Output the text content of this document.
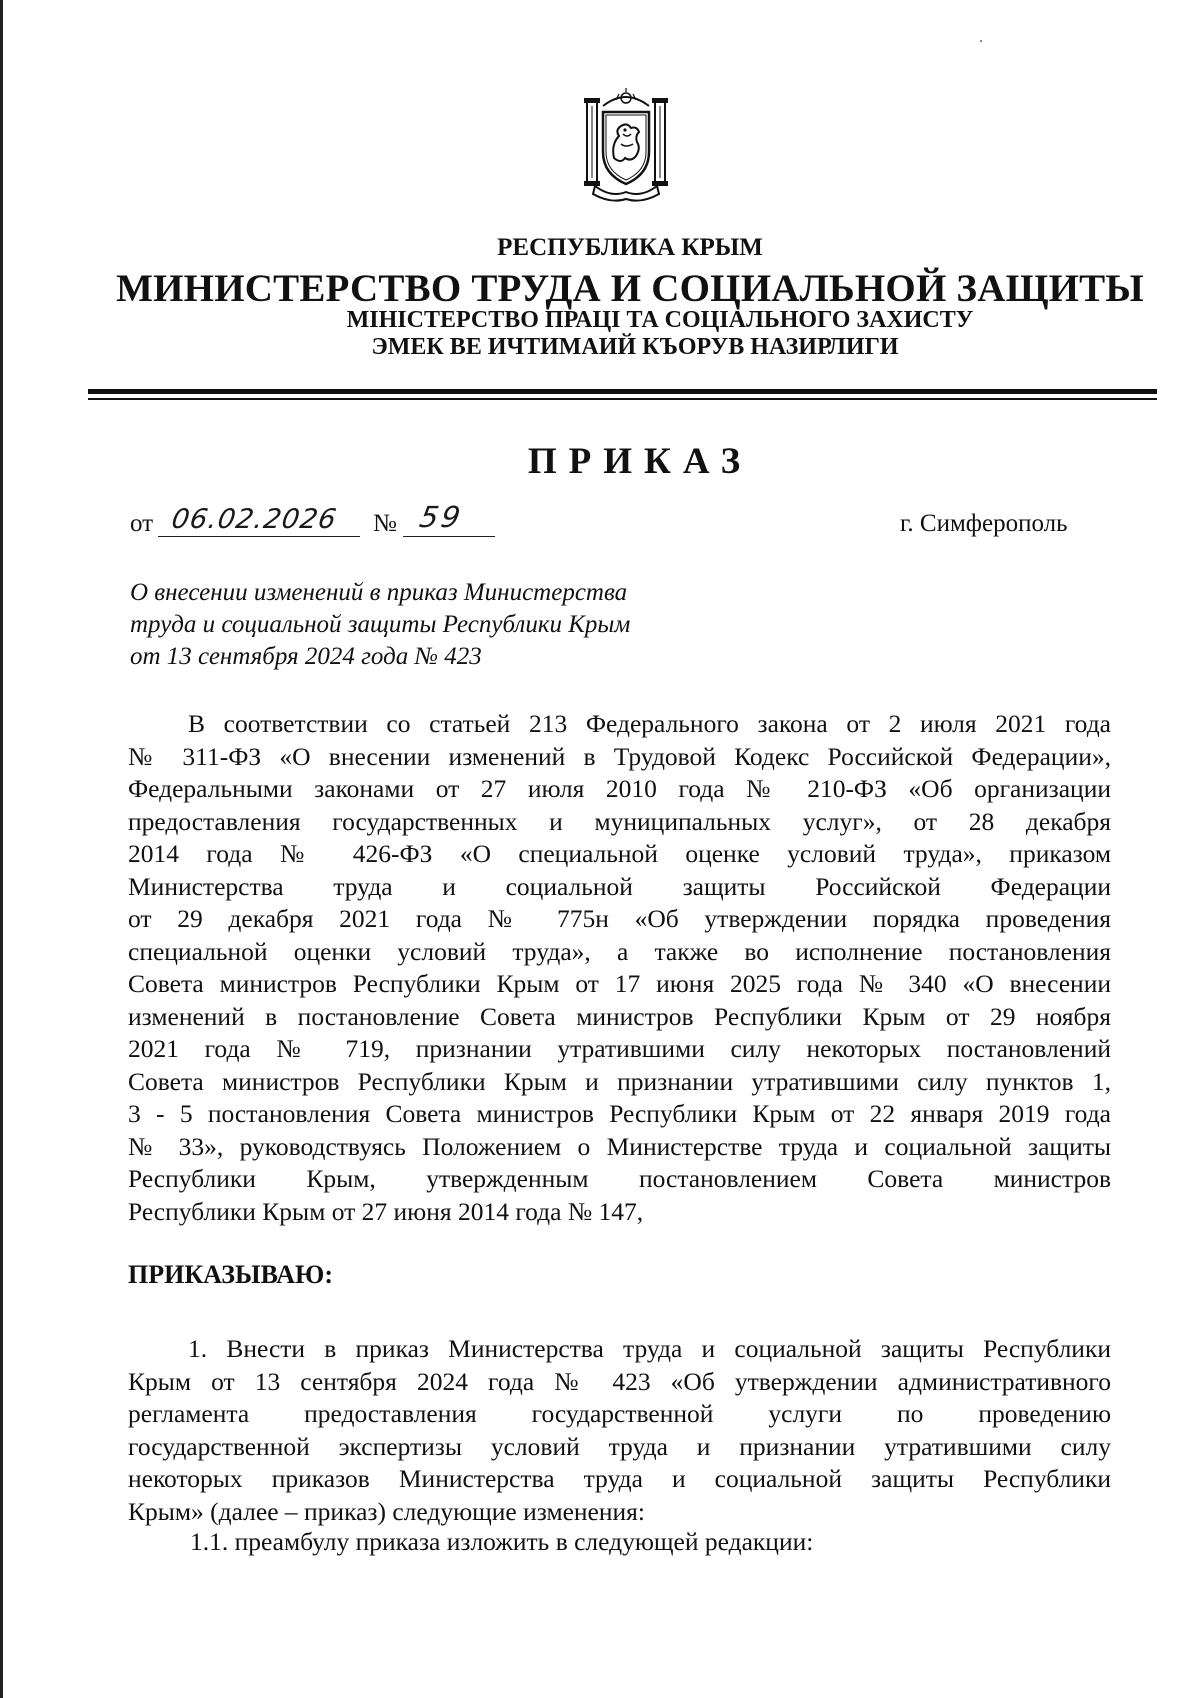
РЕСПУБЛИКА КРЫМ
МИНИСТЕРСТВО ТРУДА И СОЦИАЛЬНОЙ ЗАЩИТЫ
МІНІСТЕРСТВО ПРАЦІ ТА СОЦІАЛЬНОГО ЗАХИСТУ
ЭМЕК ВЕ ИЧТИМАИЙ КЪОРУВ НАЗИРЛИГИ
ПРИКАЗ
от 06.02.2026 № 59	г. Симферополь
О внесении изменений в приказ Министерства
труда и социальной защиты Республики Крым
от 13 сентября 2024 года № 423
В соответствии со статьей 213 Федерального закона от 2 июля 2021 года
№ 311-ФЗ «О внесении изменений в Трудовой Кодекс Российской Федерации»,
Федеральными законами от 27 июля 2010 года № 210-ФЗ «Об организации
предоставления государственных и муниципальных услуг», от 28 декабря
2014 года № 426-ФЗ «О специальной оценке условий труда», приказом
Министерства труда и социальной защиты Российской Федерации
от 29 декабря 2021 года № 775н «Об утверждении порядка проведения
специальной оценки условий труда», а также во исполнение постановления
Совета министров Республики Крым от 17 июня 2025 года № 340 «О внесении
изменений в постановление Совета министров Республики Крым от 29 ноября
2021 года № 719, признании утратившими силу некоторых постановлений
Совета министров Республики Крым и признании утратившими силу пунктов 1,
3 - 5 постановления Совета министров Республики Крым от 22 января 2019 года
№ 33», руководствуясь Положением о Министерстве труда и социальной защиты
Республики Крым, утвержденным постановлением Совета министров
Республики Крым от 27 июня 2014 года № 147,
ПРИКАЗЫВАЮ:
1. Внести в приказ Министерства труда и социальной защиты Республики
Крым от 13 сентября 2024 года № 423 «Об утверждении административного
регламента предоставления государственной услуги по проведению
государственной экспертизы условий труда и признании утратившими силу
некоторых приказов Министерства труда и социальной защиты Республики
Крым» (далее – приказ) следующие изменения:
1.1. преамбулу приказа изложить в следующей редакции:
